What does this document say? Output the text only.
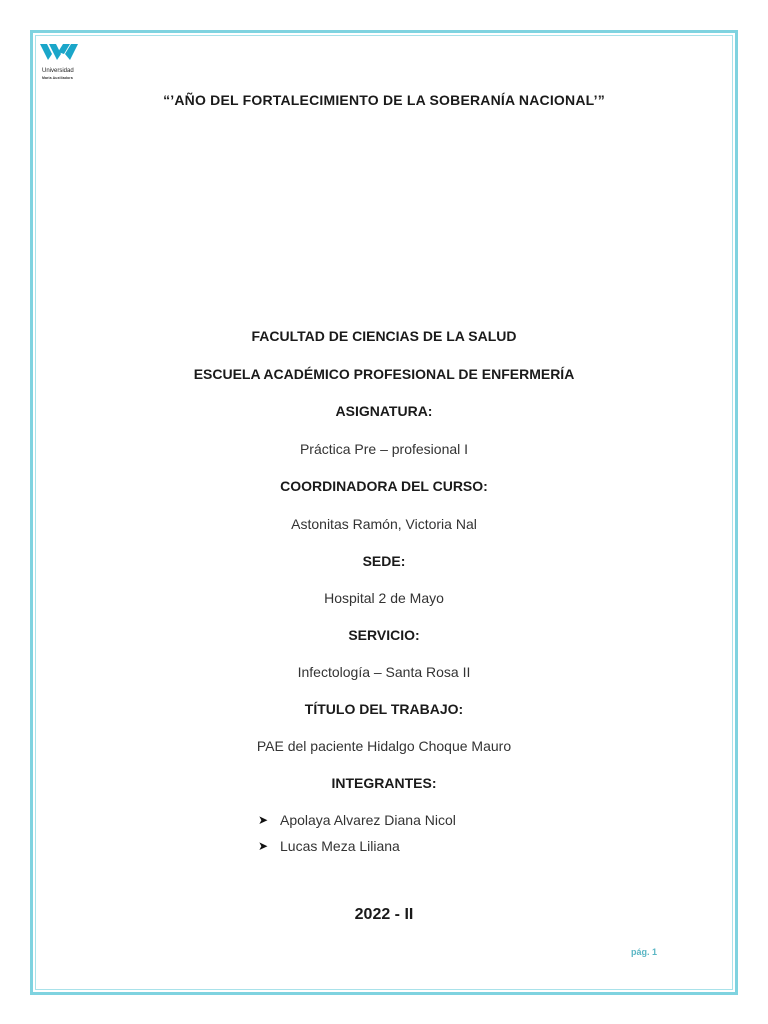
Universidad
Maria Auxiliadora
“’AÑO DEL FORTALECIMIENTO DE LA SOBERANÍA NACIONAL’”
FACULTAD DE CIENCIAS DE LA SALUD
ESCUELA ACADÉMICO PROFESIONAL DE ENFERMERÍA
ASIGNATURA:
Práctica Pre – profesional I
COORDINADORA DEL CURSO:
Astonitas Ramón, Victoria Nal
SEDE:
Hospital 2 de Mayo
SERVICIO:
Infectología – Santa Rosa II
TÍTULO DEL TRABAJO:
PAE del paciente Hidalgo Choque Mauro
INTEGRANTES:
➤ Apolaya Alvarez Diana Nicol
➤ Lucas Meza Liliana
2022 - II
pág. 1
